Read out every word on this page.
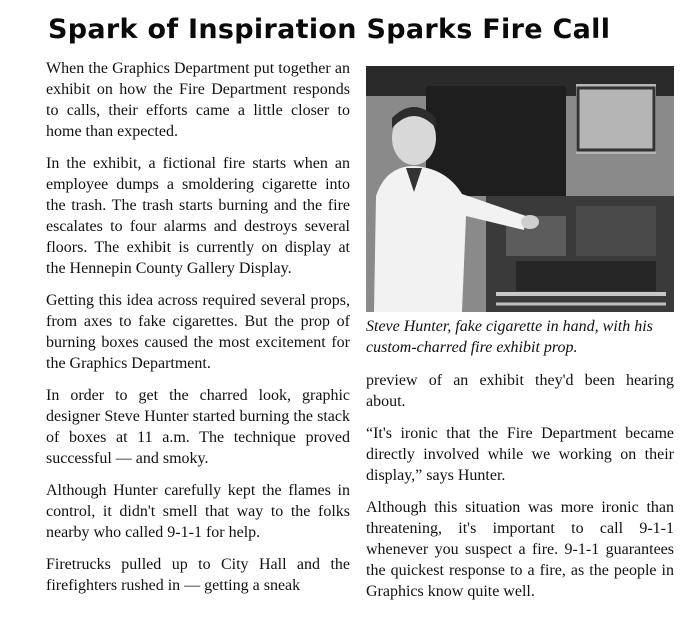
Spark of Inspiration Sparks Fire Call

When the Graphics Department put together an exhibit on how the Fire Department responds to calls, their efforts came a little closer to home than expected.

In the exhibit, a fictional fire starts when an employee dumps a smoldering cigarette into the trash. The trash starts burning and the fire escalates to four alarms and destroys several floors. The exhibit is currently on display at the Hennepin County Gallery Display.

Getting this idea across required several props, from axes to fake cigarettes. But the prop of burning boxes caused the most excitement for the Graphics Department.

In order to get the charred look, graphic designer Steve Hunter started burning the stack of boxes at 11 a.m. The technique proved successful — and smoky.

Although Hunter carefully kept the flames in control, it didn't smell that way to the folks nearby who called 9-1-1 for help.

Firetrucks pulled up to City Hall and the firefighters rushed in — getting a sneak

Steve Hunter, fake cigarette in hand, with his custom-charred fire exhibit prop.

preview of an exhibit they'd been hearing about.

“It's ironic that the Fire Department became directly involved while we working on their display,” says Hunter.

Although this situation was more ironic than threatening, it's important to call 9-1-1 whenever you suspect a fire. 9-1-1 guarantees the quickest response to a fire, as the people in Graphics know quite well.
